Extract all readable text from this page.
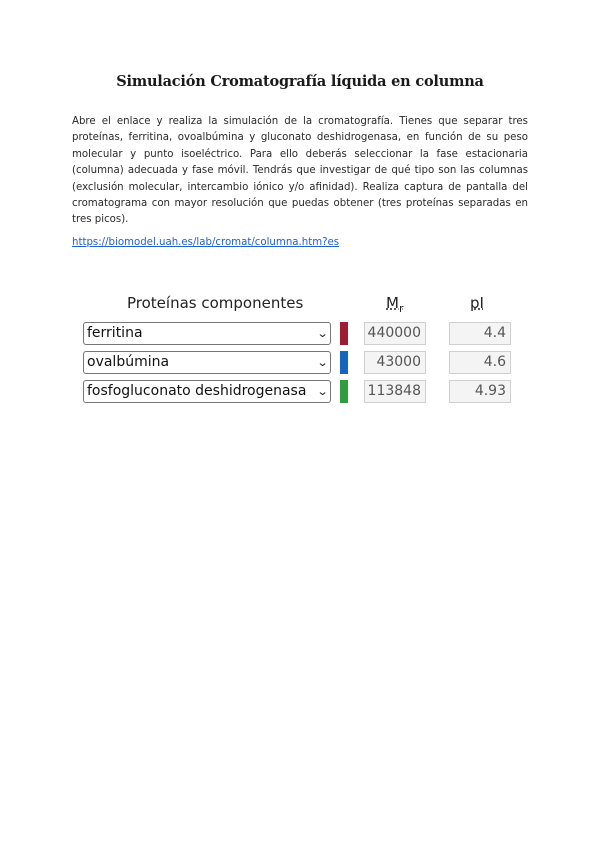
Simulación Cromatografía líquida en columna
Abre el enlace y realiza la simulación de la cromatografía. Tienes que separar tres proteínas, ferritina, ovoalbúmina y gluconato deshidrogenasa, en función de su peso molecular y punto isoeléctrico. Para ello deberás seleccionar la fase estacionaria (columna) adecuada y fase móvil. Tendrás que investigar de qué tipo son las columnas (exclusión molecular, intercambio iónico y/o afinidad). Realiza captura de pantalla del cromatograma con mayor resolución que puedas obtener (tres proteínas separadas en tres picos).
https://biomodel.uah.es/lab/cromat/columna.htm?es
Proteínas componentes	$M_r$	pI
ferritina	⌄	440000	4.4
ovalbúmina	⌄	43000	4.6
fosfogluconato deshidrogenasa ⌄	113848	4.93
